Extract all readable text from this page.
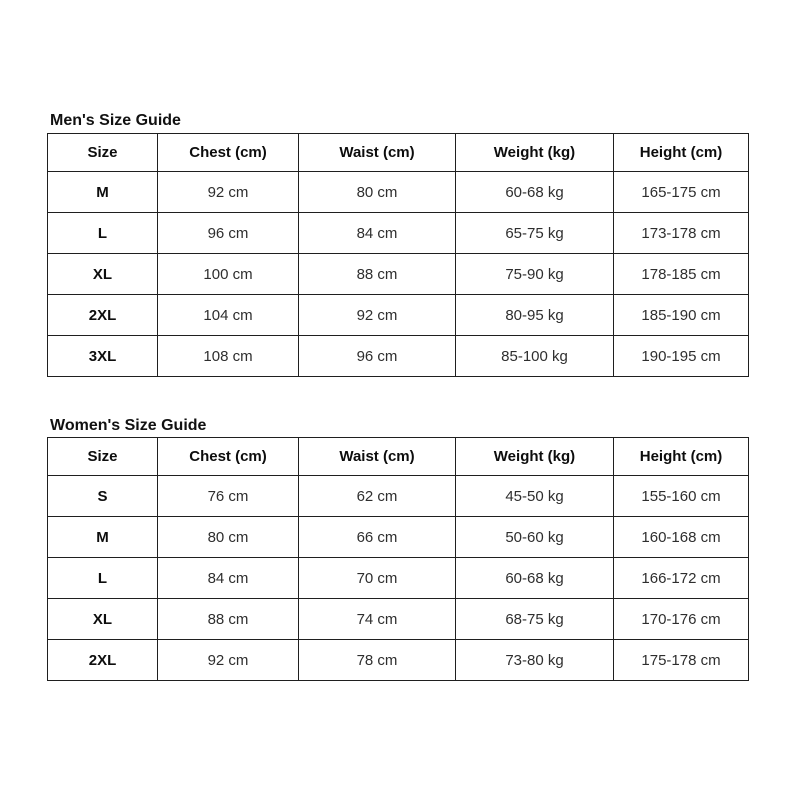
Men's Size Guide
Size	Chest (cm)	Waist (cm)	Weight (kg)	Height (cm)
M	92 cm	80 cm	60-68 kg	165-175 cm
L	96 cm	84 cm	65-75 kg	173-178 cm
XL	100 cm	88 cm	75-90 kg	178-185 cm
2XL	104 cm	92 cm	80-95 kg	185-190 cm
3XL	108 cm	96 cm	85-100 kg	190-195 cm
Women's Size Guide
Size	Chest (cm)	Waist (cm)	Weight (kg)	Height (cm)
S	76 cm	62 cm	45-50 kg	155-160 cm
M	80 cm	66 cm	50-60 kg	160-168 cm
L	84 cm	70 cm	60-68 kg	166-172 cm
XL	88 cm	74 cm	68-75 kg	170-176 cm
2XL	92 cm	78 cm	73-80 kg	175-178 cm
